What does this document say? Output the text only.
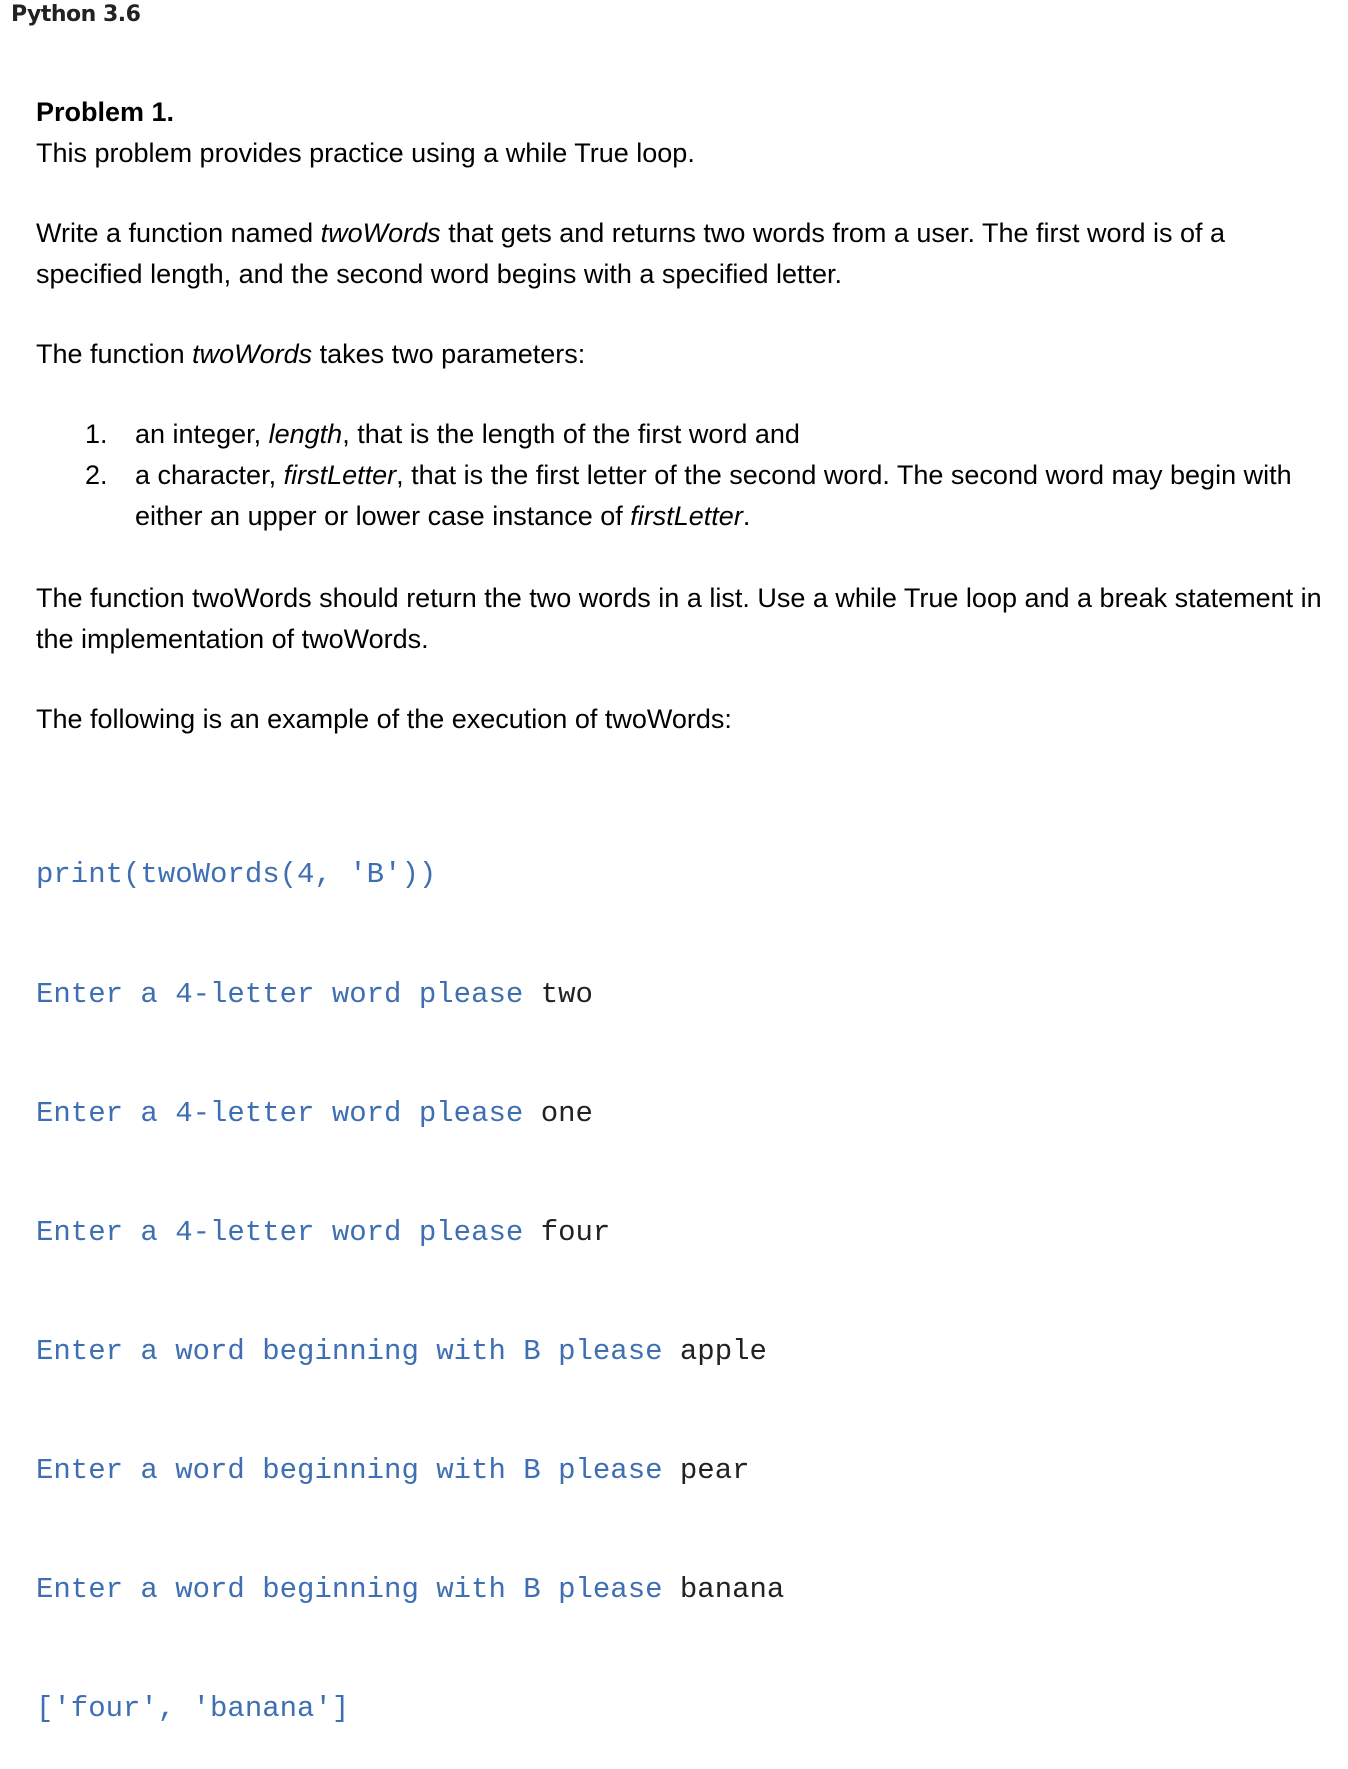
Python 3.6

Problem 1.

This problem provides practice using a while True loop.

Write a function named twoWords that gets and returns two words from a user. The first word is of a specified length, and the second word begins with a specified letter.

The function twoWords takes two parameters:

1. an integer, length, that is the length of the first word and
2. a character, firstLetter, that is the first letter of the second word. The second word may begin with either an upper or lower case instance of firstLetter.

The function twoWords should return the two words in a list. Use a while True loop and a break statement in the implementation of twoWords.

The following is an example of the execution of twoWords:

print(twoWords(4, 'B'))

Enter a 4-letter word please two

Enter a 4-letter word please one

Enter a 4-letter word please four

Enter a word beginning with B please apple

Enter a word beginning with B please pear

Enter a word beginning with B please banana

['four', 'banana']
